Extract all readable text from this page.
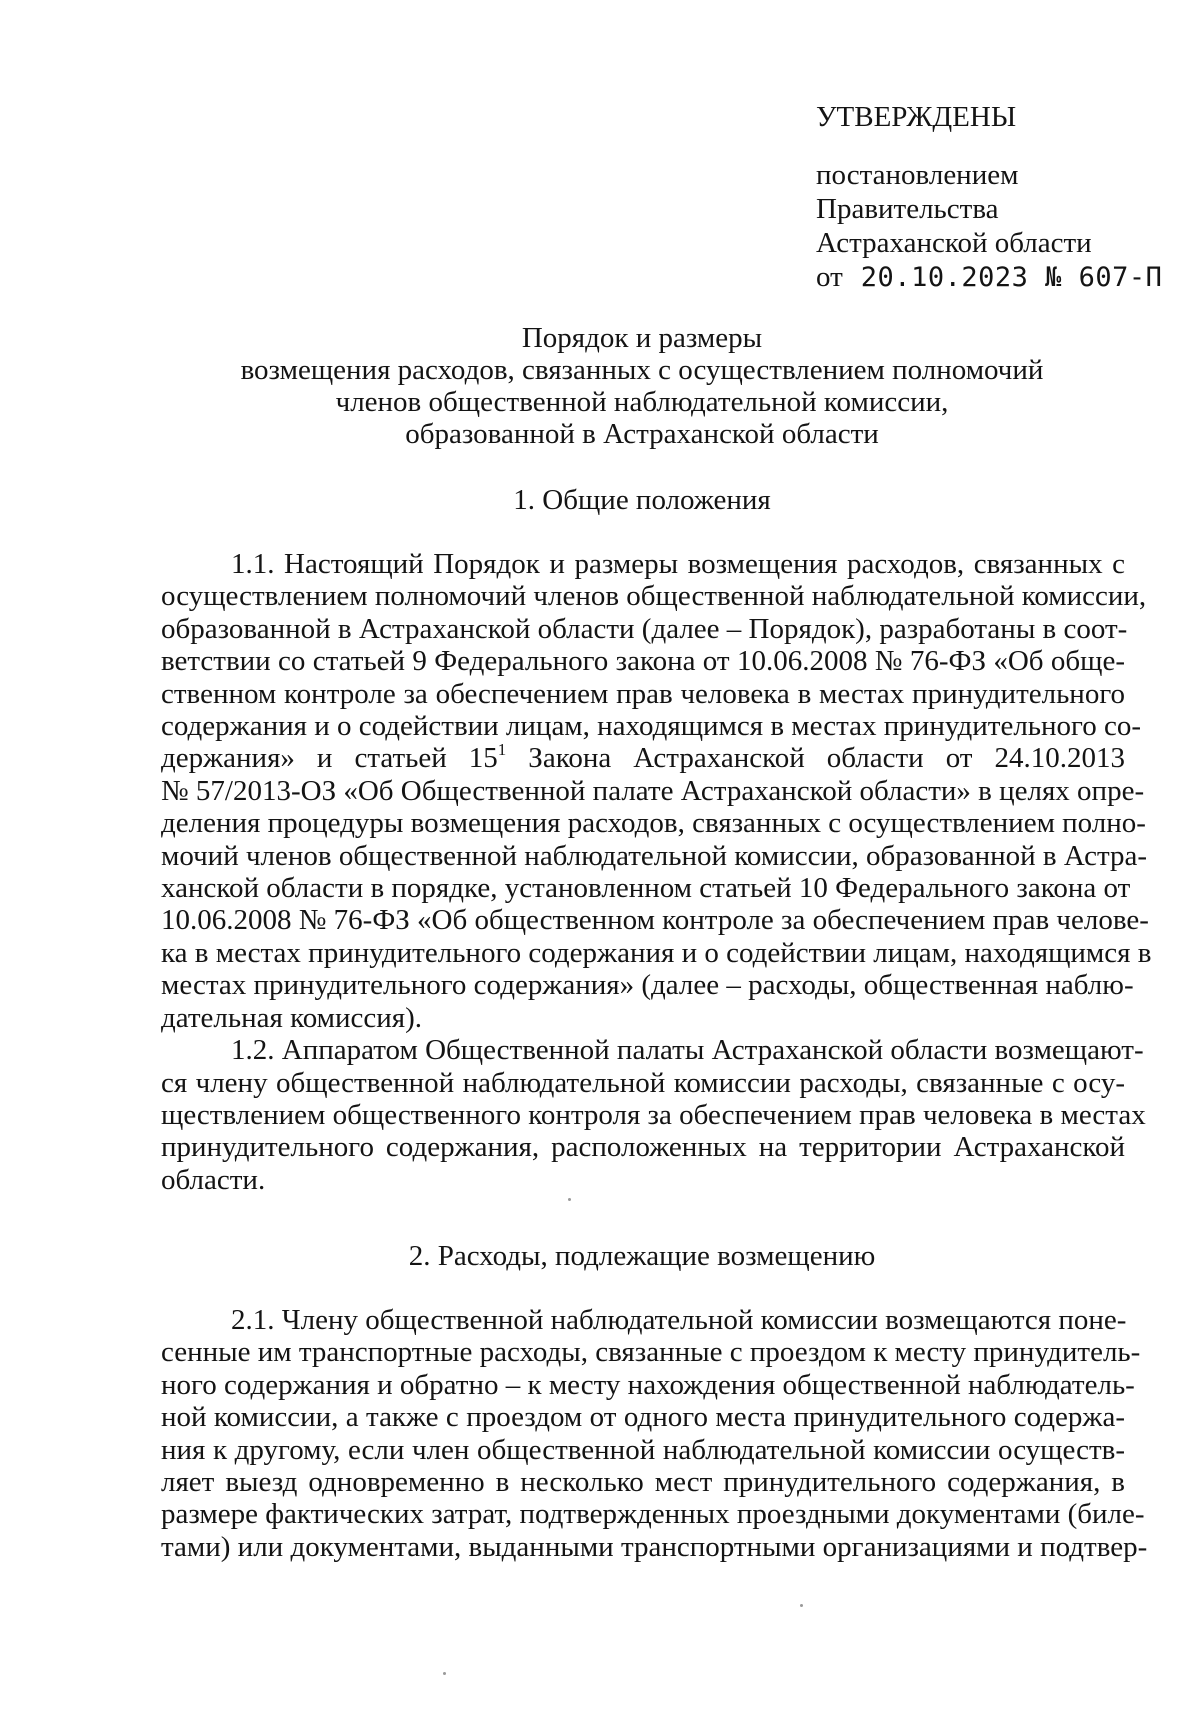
УТВЕРЖДЕНЫ
постановлением
Правительства
Астраханской области
от 20.10.2023 № 607-П
Порядок и размеры
возмещения расходов, связанных с осуществлением полномочий
членов общественной наблюдательной комиссии,
образованной в Астраханской области
1. Общие положения
1.1. Настоящий Порядок и размеры возмещения расходов, связанных с
осуществлением полномочий членов общественной наблюдательной комиссии,
образованной в Астраханской области (далее – Порядок), разработаны в соот-
ветствии со статьей 9 Федерального закона от 10.06.2008 № 76-ФЗ «Об обще-
ственном контроле за обеспечением прав человека в местах принудительного
содержания и о содействии лицам, находящимся в местах принудительного со-
держания» и статьей $15^1$ Закона Астраханской области от 24.10.2013
№ 57/2013-ОЗ «Об Общественной палате Астраханской области» в целях опре-
деления процедуры возмещения расходов, связанных с осуществлением полно-
мочий членов общественной наблюдательной комиссии, образованной в Астра-
ханской области в порядке, установленном статьей 10 Федерального закона от
10.06.2008 № 76-ФЗ «Об общественном контроле за обеспечением прав челове-
ка в местах принудительного содержания и о содействии лицам, находящимся в
местах принудительного содержания» (далее – расходы, общественная наблю-
дательная комиссия).
1.2. Аппаратом Общественной палаты Астраханской области возмещают-
ся члену общественной наблюдательной комиссии расходы, связанные с осу-
ществлением общественного контроля за обеспечением прав человека в местах
принудительного содержания, расположенных на территории Астраханской
области.
2. Расходы, подлежащие возмещению
2.1. Члену общественной наблюдательной комиссии возмещаются поне-
сенные им транспортные расходы, связанные с проездом к месту принудитель-
ного содержания и обратно – к месту нахождения общественной наблюдатель-
ной комиссии, а также с проездом от одного места принудительного содержа-
ния к другому, если член общественной наблюдательной комиссии осуществ-
ляет выезд одновременно в несколько мест принудительного содержания, в
размере фактических затрат, подтвержденных проездными документами (биле-
тами) или документами, выданными транспортными организациями и подтвер-
